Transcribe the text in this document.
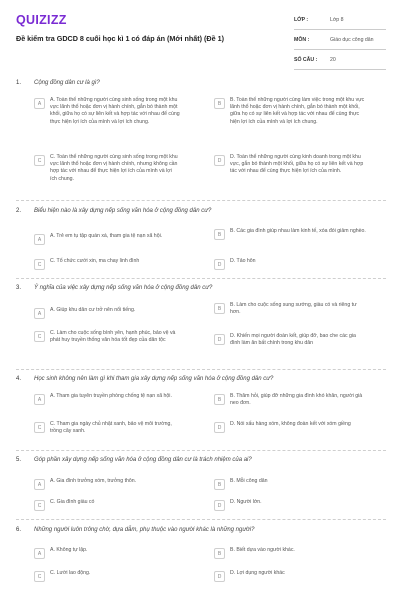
QUIZIZZ
Đề kiểm tra GDCD 8 cuối học kì 1 có đáp án (Mới nhất) (Đề 1)
LỚP :	Lớp 8
MÔN :	Giáo dục công dân
SỐ CÂU :	20
1. Cộng đồng dân cư là gì?
A
A. Toàn thể những người cùng sinh sống trong một khu vực lãnh thổ hoặc đơn vị hành chính, gắn bó thành một khối, giữa họ có sự liên kết và hợp tác với nhau để cùng thực hiện lợi ích của mình và lợi ích chung.
B
B. Toàn thể những người cùng làm việc trong một khu vực lãnh thổ hoặc đơn vị hành chính, gắn bó thành một khối, giữa họ có sự liên kết và hợp tác với nhau để cùng thực hiện lợi ích của mình và lợi ích chung.
C
C. Toàn thể những người cùng sinh sống trong một khu vực lãnh thổ hoặc đơn vị hành chính, nhưng không cần hợp tác với nhau để thực hiện lợi ích của mình và lợi ích chung.
D
D. Toàn thể những người cùng kinh doanh trong một khu vực, gắn bó thành một khối, giữa họ có sự liên kết và hợp tác với nhau để cùng thực hiện lợi ích của mình.
2. Biểu hiện nào là xây dựng nếp sống văn hóa ở cộng đồng dân cư?
A
A. Trẻ em tụ tập quán xá, tham gia tệ nạn xã hội.	B
B. Các gia đình giúp nhau làm kinh tế, xóa đói giảm nghèo.
C
C. Tổ chức cưới xin, ma chay linh đình
D
D. Tảo hôn
3. Ý nghĩa của việc xây dựng nếp sống văn hóa ở cộng đồng dân cư?
A
A. Giúp khu dân cư trở nên nổi tiếng.	B
B. Làm cho cuộc sống sung sướng, giàu có và riêng tư hơn.
C
C. Làm cho cuộc sống bình yên, hạnh phúc, bảo vệ và phát huy truyền thống văn hóa tốt đẹp của dân tộc	D
D. Khiến mọi người đoàn kết, giúp đỡ, bao che các gia đình làm ăn bất chính trong khu dân
4. Học sinh không nên làm gì khi tham gia xây dựng nếp sống văn hóa ở cộng đồng dân cư?
A
A. Tham gia tuyên truyền phòng chống tệ nạn xã hội.
B
B. Thăm hỏi, giúp đỡ những gia đình khó khăn, người già neo đơn.
C
C. Tham gia ngày chủ nhật xanh, bảo vệ môi trường, trồng cây xanh.
D
D. Nói xấu hàng xóm, không đoàn kết với xóm giềng
5. Góp phần xây dựng nếp sống văn hóa ở cộng đồng dân cư là trách nhiệm của ai?
A
A. Gia đình trưởng xóm, trưởng thôn.
B
B. Mỗi công dân
C
C. Gia đình giàu có
D
D. Người lớn.
6. Những người luôn trông chờ, dựa dẫm, phụ thuộc vào người khác là những người?
A
A. Không tự lập.
B
B. Biết dựa vào người khác.
C
C. Lười lao động.
D
D. Lợi dụng người khác
